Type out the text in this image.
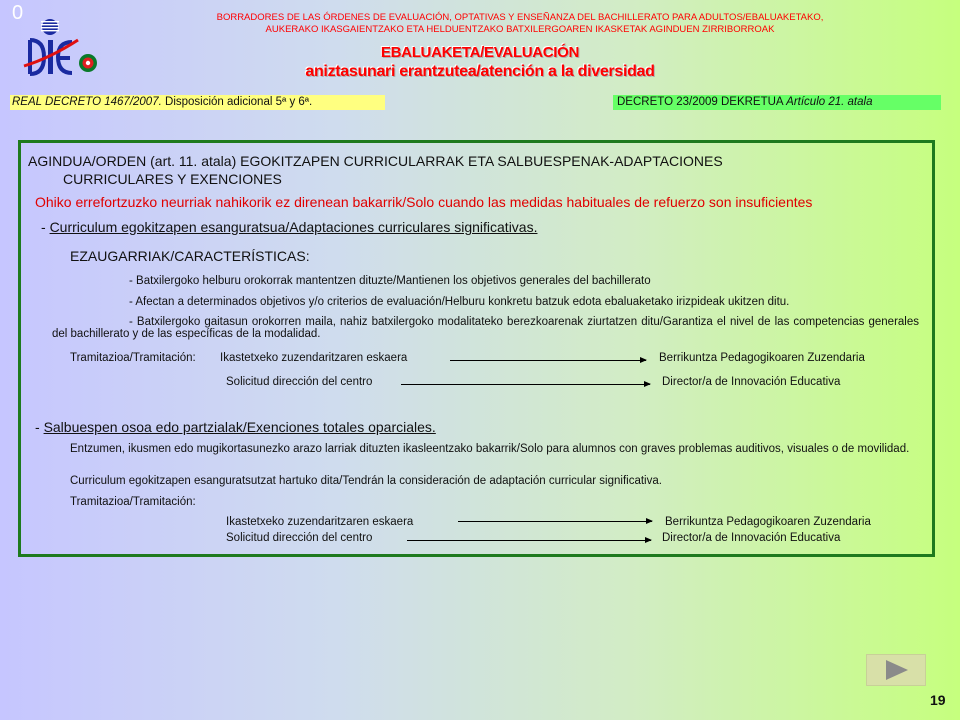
0	BORRADORES DE LAS ÓRDENES DE EVALUACIÓN, OPTATIVAS Y ENSEÑANZA DEL BACHILLERATO PARA ADULTOS/EBALUAKETAKO,
AUKERAKO IKASGAIENTZAKO ETA HELDUENTZAKO BATXILERGOAREN IKASKETAK AGINDUEN ZIRRIBORROAK
EBALUAKETA/EVALUACIÓN
aniztasunari erantzutea/atención a la diversidad
REAL DECRETO 1467/2007. Disposición adicional 5ª y 6ª.	DECRETO 23/2009 DEKRETUA Artículo 21. atala
AGINDUA/ORDEN (art. 11. atala) EGOKITZAPEN CURRICULARRAK ETA SALBUESPENAK-ADAPTACIONES
CURRICULARES Y EXENCIONES
Ohiko errefortzuzko neurriak nahikorik ez direnean bakarrik/Solo cuando las medidas habituales de refuerzo son insuficientes
- Curriculum egokitzapen esanguratsua/Adaptaciones curriculares significativas.
EZAUGARRIAK/CARACTERÍSTICAS:
- Batxilergoko helburu orokorrak mantentzen dituzte/Mantienen los objetivos generales del bachillerato
- Afectan a determinados objetivos y/o criterios de evaluación/Helburu konkretu batzuk edota ebaluaketako irizpideak ukitzen ditu.
- Batxilergoko gaitasun orokorren maila, nahiz batxilergoko modalitateko berezkoarenak ziurtatzen ditu/Garantiza el nivel de las competencias generales del bachillerato y de las específicas de la modalidad.
Tramitazioa/Tramitación: Ikastetxeko zuzendaritzaren eskaera	Berrikuntza Pedagogikoaren Zuzendaria
Solicitud dirección del centro	Director/a de Innovación Educativa
- Salbuespen osoa edo partzialak/Exenciones totales oparciales.
Entzumen, ikusmen edo mugikortasunezko arazo larriak dituzten ikasleentzako bakarrik/Solo para alumnos con graves problemas auditivos, visuales o de movilidad.
Curriculum egokitzapen esanguratsutzat hartuko dita/Tendrán la consideración de adaptación curricular significativa.
Tramitazioa/Tramitación:
Ikastetxeko zuzendaritzaren eskaera	Berrikuntza Pedagogikoaren Zuzendaria
Solicitud dirección del centro	Director/a de Innovación Educativa
19
